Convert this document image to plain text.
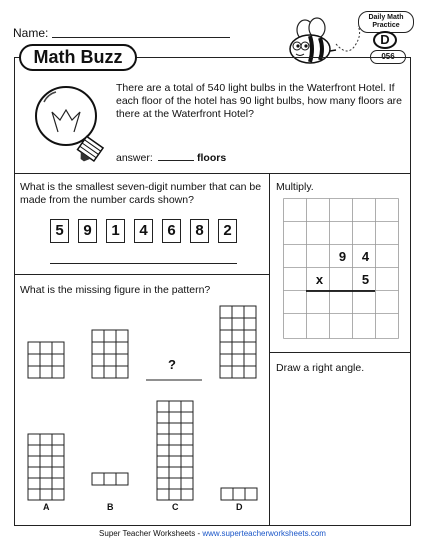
Name:
Daily Math
Practice
D
056
Math Buzz
There are a total of 540 light bulbs in the Waterfront Hotel. If each floor of the hotel has 90 light bulbs, how many floors are there at the Waterfront Hotel?
answer:	floors
What is the smallest seven-digit number that can be made from the number cards shown?
5	9	1	4	6	8	2
Multiply.
9	4
x	5
What is the missing figure in the pattern?
?
A	B	C	D
Draw a right angle.
Super Teacher Worksheets - www.superteacherworksheets.com
